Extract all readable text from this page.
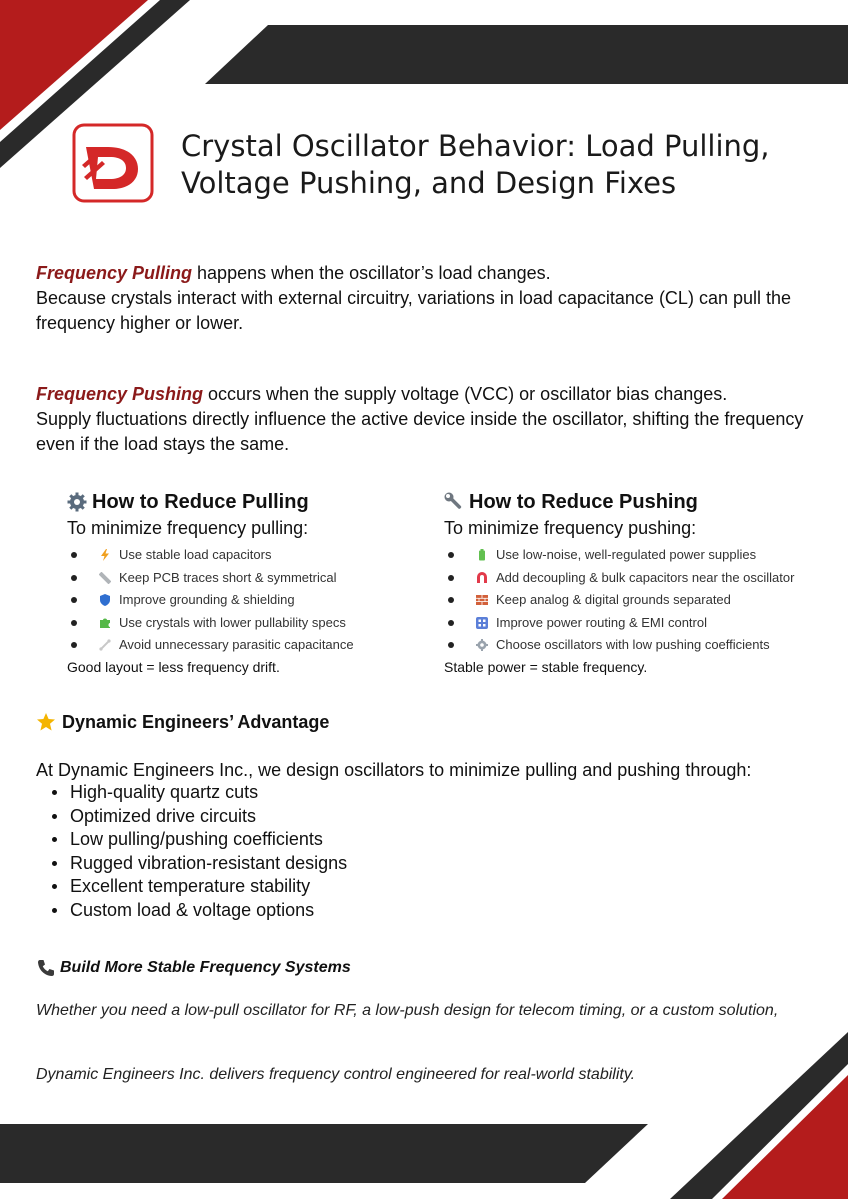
Crystal Oscillator Behavior: Load Pulling, Voltage Pushing, and Design Fixes

Frequency Pulling happens when the oscillator’s load changes.
Because crystals interact with external circuitry, variations in load capacitance (CL) can pull the frequency higher or lower.

Frequency Pushing occurs when the supply voltage (VCC) or oscillator bias changes.
Supply fluctuations directly influence the active device inside the oscillator, shifting the frequency even if the load stays the same.

How to Reduce Pulling

To minimize frequency pulling:

Use stable load capacitors
Keep PCB traces short & symmetrical
Improve grounding & shielding
Use crystals with lower pullability specs
Avoid unnecessary parasitic capacitance

Good layout = less frequency drift.

How to Reduce Pushing

To minimize frequency pushing:

Use low-noise, well-regulated power supplies
Add decoupling & bulk capacitors near the oscillator
Keep analog & digital grounds separated
Improve power routing & EMI control
Choose oscillators with low pushing coefficients

Stable power = stable frequency.

Dynamic Engineers’ Advantage

At Dynamic Engineers Inc., we design oscillators to minimize pulling and pushing through:

High-quality quartz cuts
Optimized drive circuits
Low pulling/pushing coefficients
Rugged vibration-resistant designs
Excellent temperature stability
Custom load & voltage options
Build More Stable Frequency Systems

Whether you need a low-pull oscillator for RF, a low-push design for telecom timing, or a custom solution,

Dynamic Engineers Inc. delivers frequency control engineered for real-world stability.
